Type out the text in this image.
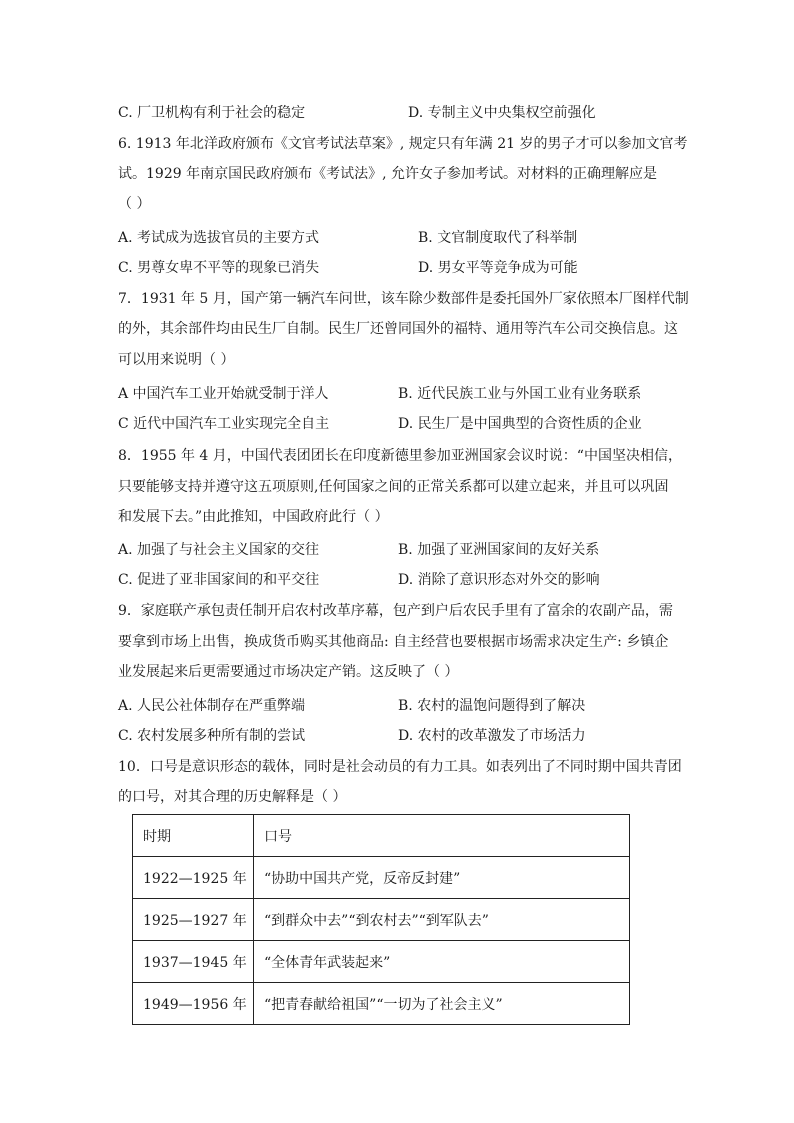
C. 厂卫机构有利于社会的稳定	D. 专制主义中央集权空前强化
6. 1913 年北洋政府颁布《文官考试法草案》, 规定只有年满 21 岁的男子才可以参加文官考
试。1929 年南京国民政府颁布《考试法》, 允许女子参加考试。对材料的正确理解应是
（ ）
A. 考试成为选拔官员的主要方式	B. 文官制度取代了科举制
C. 男尊女卑不平等的现象已消失	D. 男女平等竞争成为可能
7．1931 年 5 月，国产第一辆汽车问世，该车除少数部件是委托国外厂家依照本厂图样代制
的外，其余部件均由民生厂自制。民生厂还曾同国外的福特、通用等汽车公司交换信息。这
可以用来说明（ ）
A 中国汽车工业开始就受制于洋人	B. 近代民族工业与外国工业有业务联系
C 近代中国汽车工业实现完全自主	D. 民生厂是中国典型的合资性质的企业
8．1955 年 4 月，中国代表团团长在印度新德里参加亚洲国家会议时说：“中国坚决相信，
只要能够支持并遵守这五项原则,任何国家之间的正常关系都可以建立起来，并且可以巩固
和发展下去。”由此推知，中国政府此行（ ）
A. 加强了与社会主义国家的交往	B. 加强了亚洲国家间的友好关系
C. 促进了亚非国家间的和平交往	D. 消除了意识形态对外交的影响
9．家庭联产承包责任制开启农村改革序幕，包产到户后农民手里有了富余的农副产品，需
要拿到市场上出售，换成货币购买其他商品: 自主经营也要根据市场需求决定生产: 乡镇企
业发展起来后更需要通过市场决定产销。这反映了（ ）
A. 人民公社体制存在严重弊端	B. 农村的温饱问题得到了解决
C. 农村发展多种所有制的尝试	D. 农村的改革激发了市场活力
10．口号是意识形态的载体，同时是社会动员的有力工具。如表列出了不同时期中国共青团
的口号，对其合理的历史解释是（ ）
时期	口号
1922—1925 年	“协助中国共产党，反帝反封建”
1925—1927 年	“到群众中去”“到农村去”“到军队去”
1937—1945 年	“全体青年武装起来”
1949—1956 年	“把青春献给祖国”“一切为了社会主义”
